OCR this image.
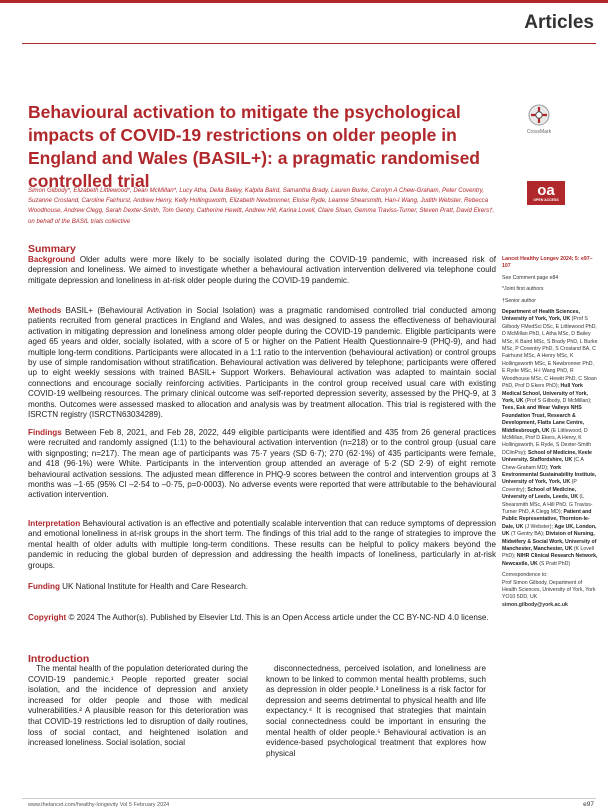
Articles
Behavioural activation to mitigate the psychological impacts of COVID-19 restrictions on older people in England and Wales (BASIL+): a pragmatic randomised controlled trial
CrossMark
Simon Gilbody*, Elizabeth Littlewood*, Dean McMillan*, Lucy Atha, Della Bailey, Kalpita Baird, Samantha Brady, Lauren Burke, Carolyn A Chew-Graham, Peter Coventry, Suzanne Crosland, Caroline Fairhurst, Andrew Henry, Kelly Hollingsworth, Elizabeth Newbronner, Eloise Ryde, Leanne Shearsmith, Han-I Wang, Judith Webster, Rebecca Woodhouse, Andrew Clegg, Sarah Dexter-Smith, Tom Gentry, Catherine Hewitt, Andrew Hill, Karina Lovell, Claire Sloan, Gemma Traviss-Turner, Steven Pratt, David Ekers†, on behalf of the BASIL trials collective
oa
OPEN ACCESS
Summary
Background Older adults were more likely to be socially isolated during the COVID-19 pandemic, with increased risk of depression and loneliness. We aimed to investigate whether a behavioural activation intervention delivered via telephone could mitigate depression and loneliness in at-risk older people during the COVID-19 pandemic.
Methods BASIL+ (Behavioural Activation in Social Isolation) was a pragmatic randomised controlled trial conducted among patients recruited from general practices in England and Wales, and was designed to assess the effectiveness of behavioural activation in mitigating depression and loneliness among older people during the COVID-19 pandemic. Eligible participants were aged 65 years and older, socially isolated, with a score of 5 or higher on the Patient Health Questionnaire-9 (PHQ-9), and had multiple long-term conditions. Participants were allocated in a 1:1 ratio to the intervention (behavioural activation) or control groups by use of simple randomisation without stratification. Behavioural activation was delivered by telephone; participants were offered up to eight weekly sessions with trained BASIL+ Support Workers. Behavioural activation was adapted to maintain social connections and encourage socially reinforcing activities. Participants in the control group received usual care with existing COVID-19 wellbeing resources. The primary clinical outcome was self-reported depression severity, assessed by the PHQ-9, at 3 months. Outcomes were assessed masked to allocation and analysis was by treatment allocation. This trial is registered with the ISRCTN registry (ISRCTN63034289).
Findings Between Feb 8, 2021, and Feb 28, 2022, 449 eligible participants were identified and 435 from 26 general practices were recruited and randomly assigned (1:1) to the behavioural activation intervention (n=218) or to the control group (usual care with signposting; n=217). The mean age of participants was 75·7 years (SD 6·7); 270 (62·1%) of 435 participants were female, and 418 (96·1%) were White. Participants in the intervention group attended an average of 5·2 (SD 2·9) of eight remote behavioural activation sessions. The adjusted mean difference in PHQ-9 scores between the control and intervention groups at 3 months was –1·65 (95% CI –2·54 to –0·75, p=0·0003). No adverse events were reported that were attributable to the behavioural activation intervention.
Interpretation Behavioural activation is an effective and potentially scalable intervention that can reduce symptoms of depression and emotional loneliness in at-risk groups in the short term. The findings of this trial add to the range of strategies to improve the mental health of older adults with multiple long-term conditions. These results can be helpful to policy makers beyond the pandemic in reducing the global burden of depression and addressing the health impacts of loneliness, particularly in at-risk groups.
Funding UK National Institute for Health and Care Research.
Copyright © 2024 The Author(s). Published by Elsevier Ltd. This is an Open Access article under the CC BY-NC-ND 4.0 license.
Lancet Healthy Longev 2024; 5: e97–107
See Comment page e84
*Joint first authors
†Senior author
Department of Health Sciences, University of York, York, UK (Prof S Gilbody FMedSci DSc, E Littlewood PhD, D McMillan PhD, L Atha MSc, D Bailey MSc, K Baird MSc, S Brady PhD, L Burke MSc, P Coventry PhD, S Crosland BA, C Fairhurst MSc, A Henry MSc, K Hollingsworth MSc, E Newbronner PhD, E Ryde MSc, H-I Wang PhD, R Woodhouse MSc, C Hewitt PhD, C Sloan PhD, Prof D Ekers PhD); Hull York Medical School, University of York, York, UK (Prof S Gilbody, D McMillan); Tees, Esk and Wear Valleys NHS Foundation Trust, Research & Development, Flatts Lane Centre, Middlesbrough, UK (E Littlewood, D McMillan, Prof D Ekers, A Henry, K Hollingsworth, E Ryde, S Dexter-Smith DClinPsy); School of Medicine, Keele University, Staffordshire, UK (C A Chew-Graham MD); York Environmental Sustainability Institute, University of York, York, UK (P Coventry); School of Medicine, University of Leeds, Leeds, UK (L Shearsmith MSc, A Hill PhD, G Traviss-Turner PhD, A Clegg MD); Patient and Public Representative, Thornton-le-Dale, UK (J Webster); Age UK, London, UK (T Gentry BA); Division of Nursing, Midwifery & Social Work, University of Manchester, Manchester, UK (K Lovell PhD); NIHR Clinical Research Network, Newcastle, UK (S Pratt PhD)
Correspondence to:
Prof Simon Gilbody, Department of Health Sciences, University of York, York YO10 5DD, UK
simon.gilbody@york.ac.uk
Introduction
The mental health of the population deteriorated during the COVID-19 pandemic.¹ People reported greater social isolation, and the incidence of depression and anxiety increased for older people and those with medical vulnerabilities.² A plausible reason for this deterioration was that COVID-19 restrictions led to disruption of daily routines, loss of social contact, and heightened isolation and increased loneliness. Social isolation, social
disconnectedness, perceived isolation, and loneliness are known to be linked to common mental health problems, such as depression in older people.³ Loneliness is a risk factor for depression and seems detrimental to physical health and life expectancy.⁴ It is recognised that strategies that maintain social connectedness could be important in ensuring the mental health of older people.⁵ Behavioural activation is an evidence-based psychological treatment that explores how physical
www.thelancet.com/healthy-longevity Vol 5 February 2024	e97
